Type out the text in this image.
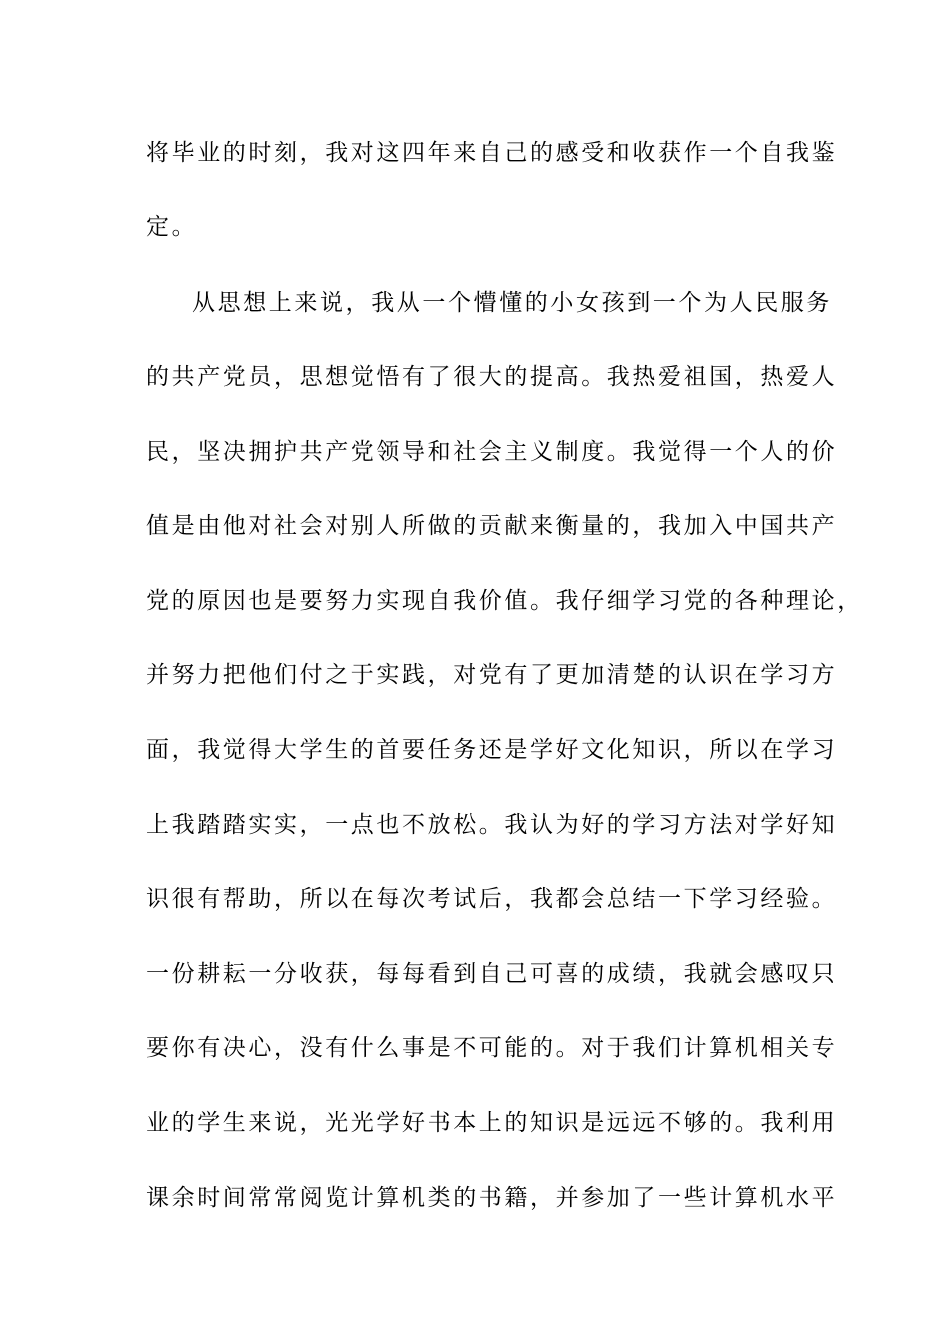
将毕业的时刻，我对这四年来自己的感受和收获作一个自我鉴
定。
从思想上来说，我从一个懵懂的小女孩到一个为人民服务
的共产党员，思想觉悟有了很大的提高。我热爱祖国，热爱人
民，坚决拥护共产党领导和社会主义制度。我觉得一个人的价
值是由他对社会对别人所做的贡献来衡量的，我加入中国共产
党的原因也是要努力实现自我价值。我仔细学习党的各种理论，
并努力把他们付之于实践，对党有了更加清楚的认识在学习方
面，我觉得大学生的首要任务还是学好文化知识，所以在学习
上我踏踏实实，一点也不放松。我认为好的学习方法对学好知
识很有帮助，所以在每次考试后，我都会总结一下学习经验。
一份耕耘一分收获，每每看到自己可喜的成绩，我就会感叹只
要你有决心，没有什么事是不可能的。对于我们计算机相关专
业的学生来说，光光学好书本上的知识是远远不够的。我利用
课余时间常常阅览计算机类的书籍，并参加了一些计算机水平
